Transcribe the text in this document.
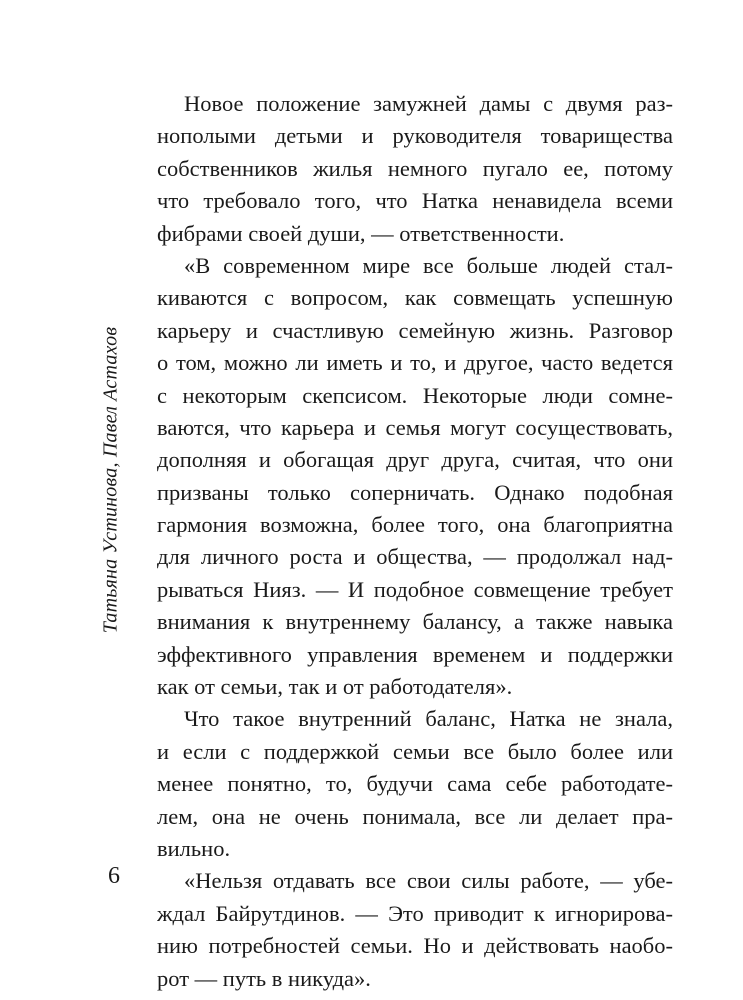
Татьяна Устинова, Павел Астахов
Новое положение замужней дамы с двумя раз-
нополыми детьми и руководителя товарищества
собственников жилья немного пугало ее, потому
что требовало того, что Натка ненавидела всеми
фибрами своей души, — ответственности.
«В современном мире все больше людей стал-
киваются с вопросом, как совмещать успешную
карьеру и счастливую семейную жизнь. Разговор
о том, можно ли иметь и то, и другое, часто ведется
с некоторым скепсисом. Некоторые люди сомне-
ваются, что карьера и семья могут сосуществовать,
дополняя и обогащая друг друга, считая, что они
призваны только соперничать. Однако подобная
гармония возможна, более того, она благоприятна
для личного роста и общества, — продолжал над-
рываться Нияз. — И подобное совмещение требует
внимания к внутреннему балансу, а также навыка
эффективного управления временем и поддержки
как от семьи, так и от работодателя».
Что такое внутренний баланс, Натка не знала,
и если с поддержкой семьи все было более или
менее понятно, то, будучи сама себе работодате-
лем, она не очень понимала, все ли делает пра-
вильно.
«Нельзя отдавать все свои силы работе, — убе-
ждал Байрутдинов. — Это приводит к игнорирова-
нию потребностей семьи. Но и действовать наобо-
рот — путь в никуда».
6
